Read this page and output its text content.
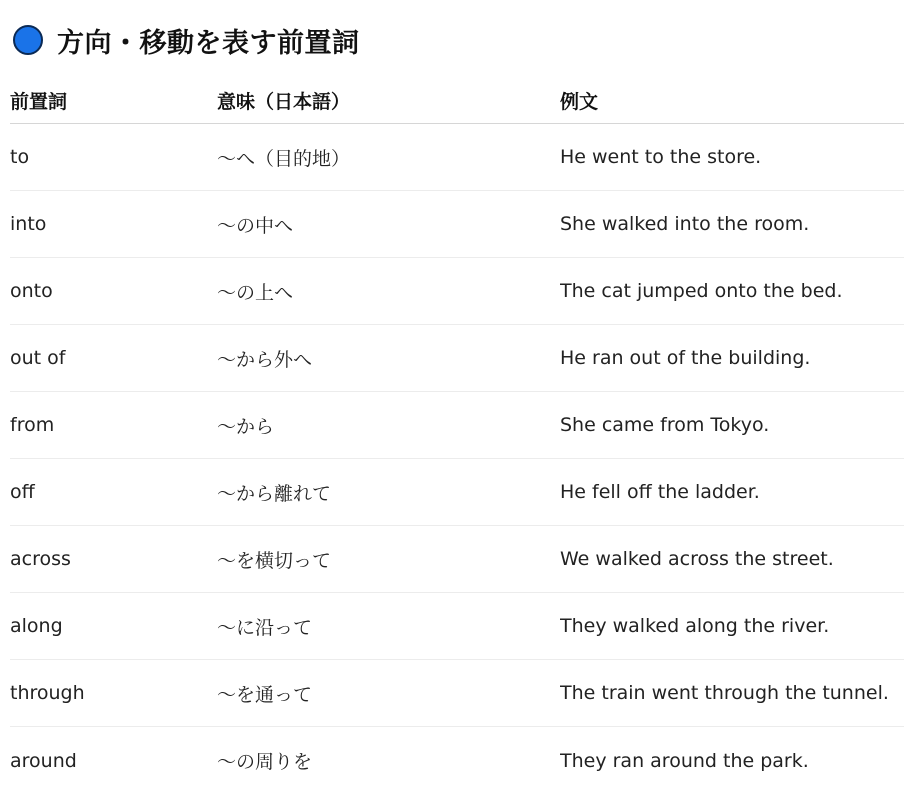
方向・移動を表す前置詞
前置詞	意味（日本語）	例文
to	〜へ（目的地）	He went to the store.
into	〜の中へ	She walked into the room.
onto	〜の上へ	The cat jumped onto the bed.
out of	〜から外へ	He ran out of the building.
from	〜から	She came from Tokyo.
off	〜から離れて	He fell off the ladder.
across	〜を横切って	We walked across the street.
along	〜に沿って	They walked along the river.
through	〜を通って	The train went through the tunnel.
around	〜の周りを	They ran around the park.
